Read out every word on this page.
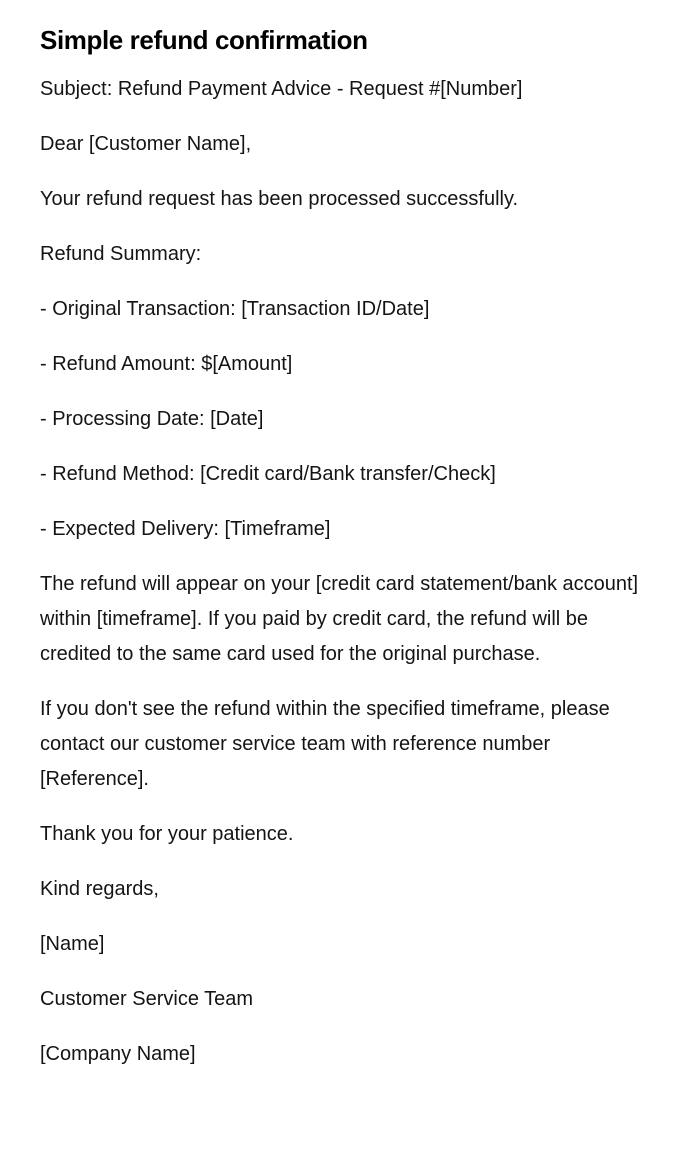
Simple refund confirmation

Subject: Refund Payment Advice - Request #[Number]

Dear [Customer Name],

Your refund request has been processed successfully.

Refund Summary:

- Original Transaction: [Transaction ID/Date]

- Refund Amount: $[Amount]

- Processing Date: [Date]

- Refund Method: [Credit card/Bank transfer/Check]

- Expected Delivery: [Timeframe]

The refund will appear on your [credit card statement/bank account] within [timeframe]. If you paid by credit card, the refund will be credited to the same card used for the original purchase.

If you don't see the refund within the specified timeframe, please contact our customer service team with reference number [Reference].

Thank you for your patience.

Kind regards,

[Name]

Customer Service Team

[Company Name]
